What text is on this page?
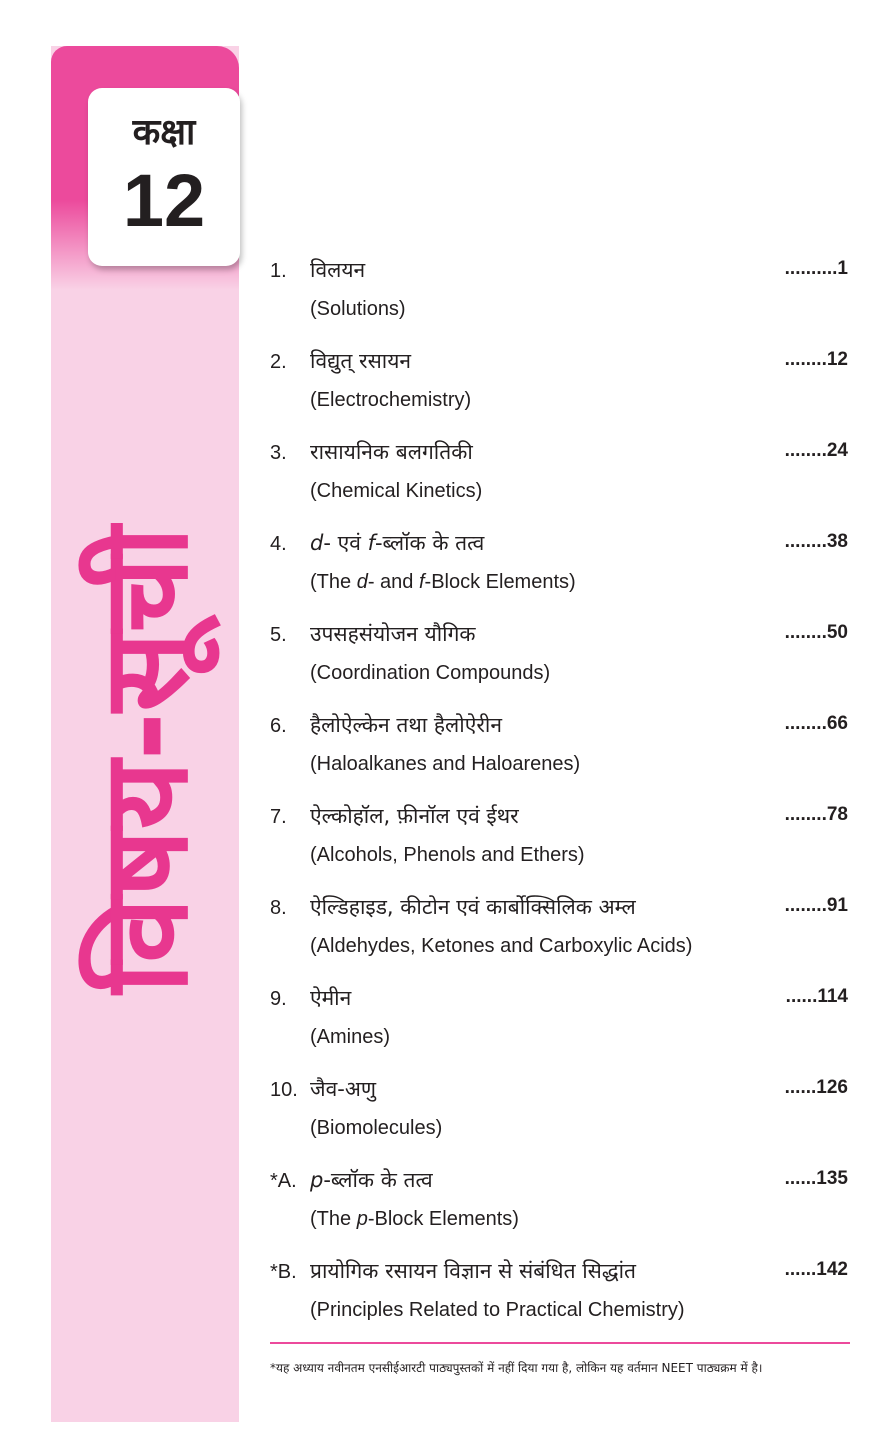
कक्षा
12
विषय-सूची
1. विलयन
(Solutions)
..........1
2. विद्युत् रसायन
(Electrochemistry)
........12
3. रासायनिक बलगतिकी
(Chemical Kinetics)
........24
4. d- एवं f-ब्लॉक के तत्व
(The d- and f-Block Elements)
........38
5. उपसहसंयोजन यौगिक
(Coordination Compounds)
........50
6. हैलोऐल्केन तथा हैलोऐरीन
(Haloalkanes and Haloarenes)
........66
7. ऐल्कोहॉल, फ़ीनॉल एवं ईथर
(Alcohols, Phenols and Ethers)
........78
8. ऐल्डिहाइड, कीटोन एवं कार्बोक्सिलिक अम्ल
(Aldehydes, Ketones and Carboxylic Acids)
........91
9. ऐमीन
(Amines)
......114
10. जैव-अणु
(Biomolecules)
......126
*A. p-ब्लॉक के तत्व
(The p-Block Elements)
......135
*B. प्रायोगिक रसायन विज्ञान से संबंधित सिद्धांत
(Principles Related to Practical Chemistry)
......142
*यह अध्याय नवीनतम एनसीईआरटी पाठ्यपुस्तकों में नहीं दिया गया है, लोकिन यह वर्तमान NEET पाठ्यक्रम में है।
